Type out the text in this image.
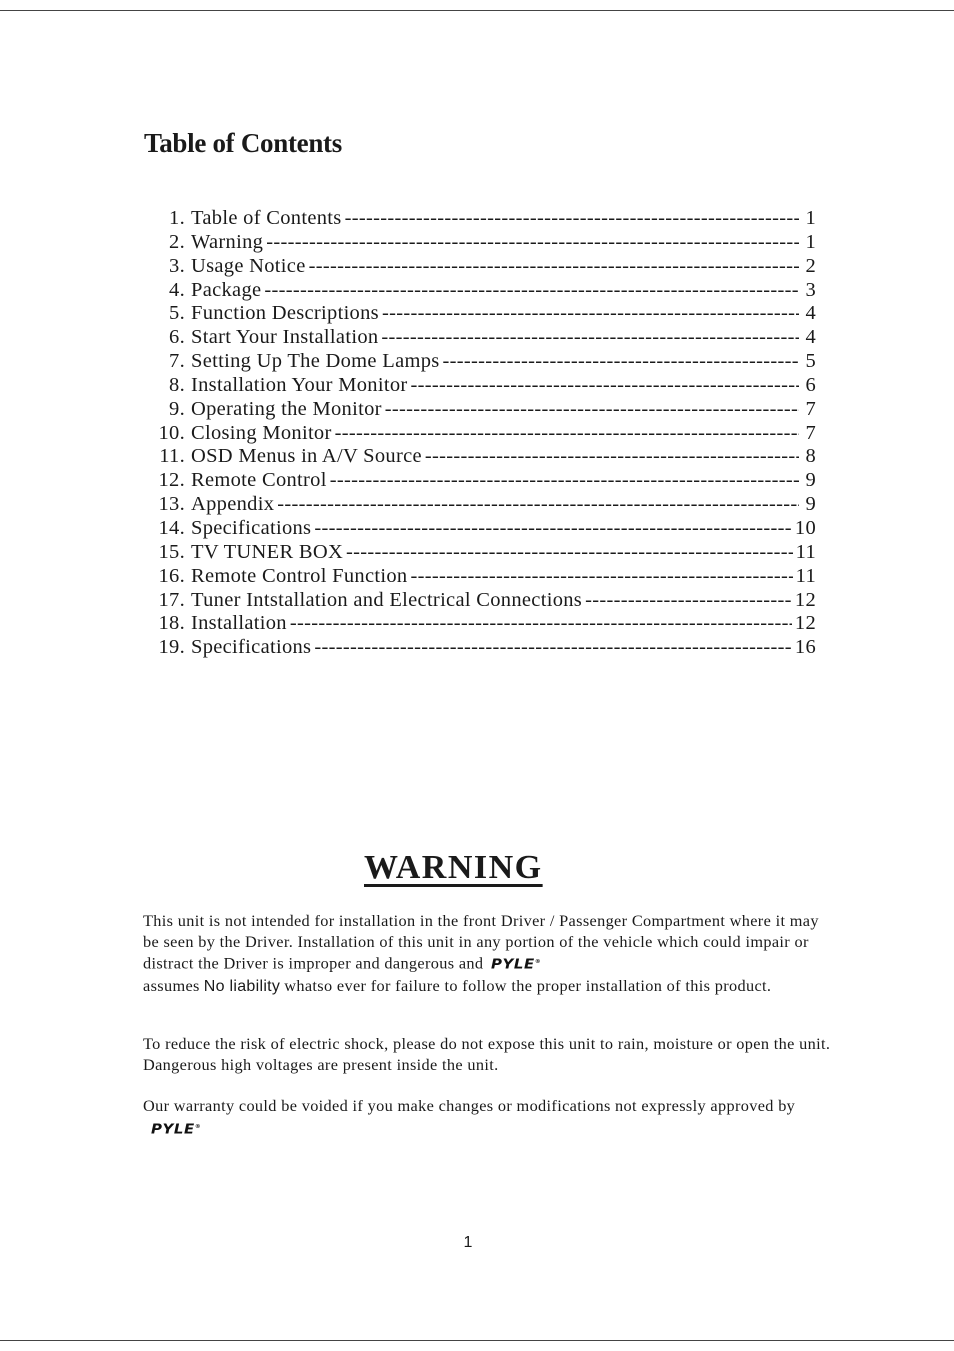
Table of Contents
1. Table of Contents -----	1
2. Warning -----	1
3. Usage Notice -----	2
4. Package -----	3
5. Function Descriptions -----	4
6. Start Your Installation -----	4
7. Setting Up The Dome Lamps -----	5
8. Installation Your Monitor -----	6
9. Operating the Monitor -----	7
10. Closing Monitor -----	7
11. OSD Menus in A/V Source -----	8
12. Remote Control -----	9
13. Appendix -----	9
14. Specifications -----	10
15. TV TUNER BOX -----	11
16. Remote Control Function -----	11
17. Tuner Intstallation and Electrical Connections -----	12
18. Installation -----	12
19. Specifications -----	16
WARNING
This unit is not intended for installation in the front Driver / Passenger Compartment where it may be seen by the Driver. Installation of this unit in any portion of the vehicle which could impair or distract the Driver is improper and dangerous and PYLE®
assumes No liability whatso ever for failure to follow the proper installation of this product.
To reduce the risk of electric shock, please do not expose this unit to rain, moisture or open the unit. Dangerous high voltages are present inside the unit.
Our warranty could be voided if you make changes or modifications not expressly approved byPYLE®
1
